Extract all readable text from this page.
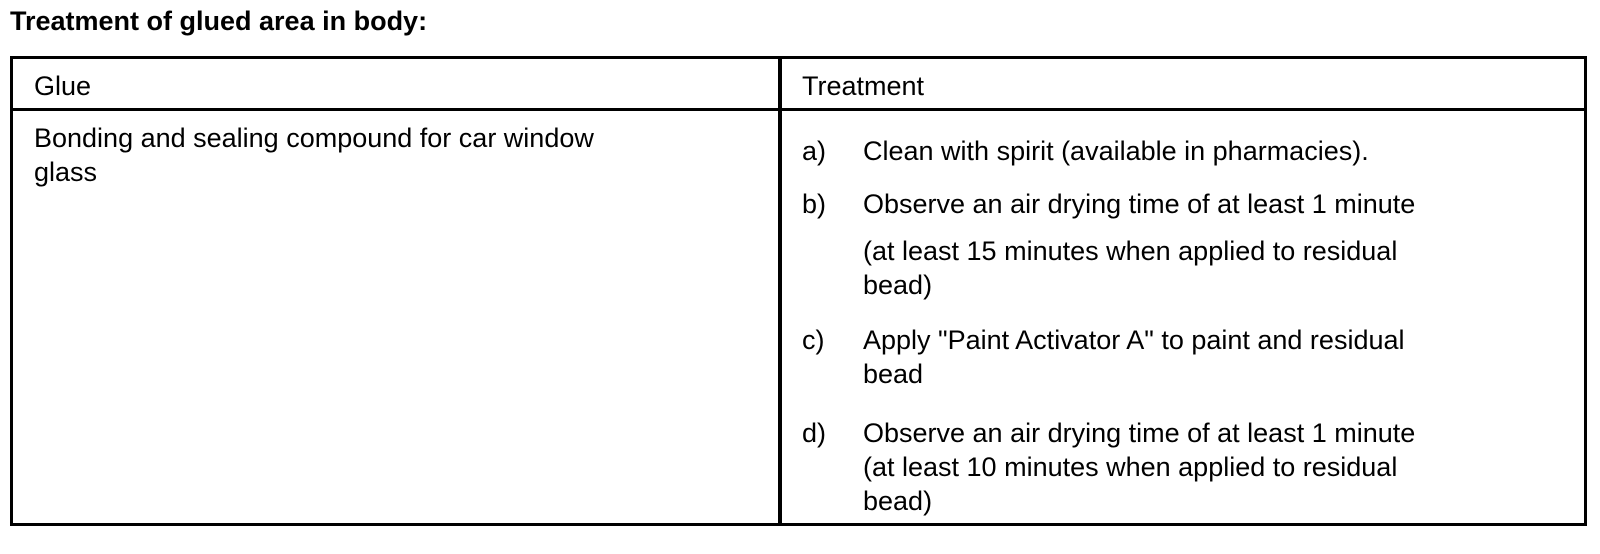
Treatment of glued area in body:
Glue	Treatment
Bonding and sealing compound for car window
glass
a) Clean with spirit (available in pharmacies).
b) Observe an air drying time of at least 1 minute
(at least 15 minutes when applied to residual
bead)
c) Apply "Paint Activator A" to paint and residual
bead
d) Observe an air drying time of at least 1 minute
(at least 10 minutes when applied to residual
bead)
